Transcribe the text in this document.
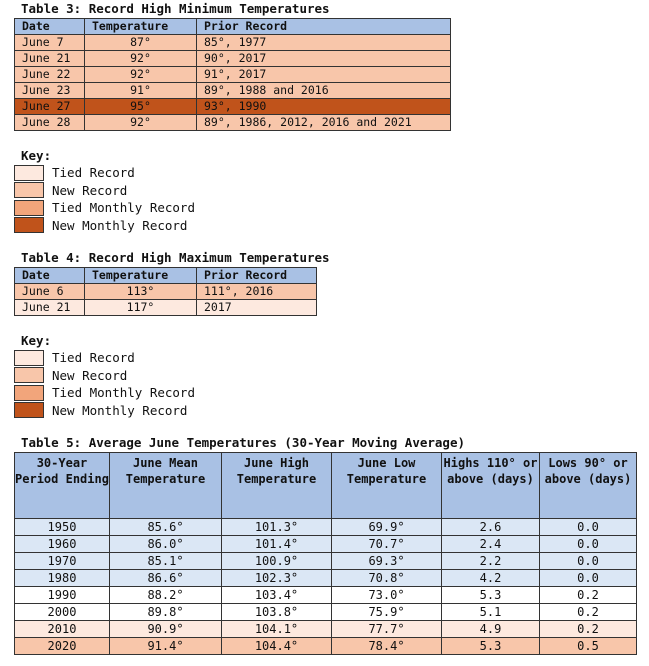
Table 3: Record High Minimum Temperatures
Date	Temperature	Prior Record
June 7	87°	85°, 1977
June 21	92°	90°, 2017
June 22	92°	91°, 2017
June 23	91°	89°, 1988 and 2016
June 27	95°	93°, 1990
June 28	92°	89°, 1986, 2012, 2016 and 2021
Key:
Tied Record
New Record
Tied Monthly Record
New Monthly Record
Table 4: Record High Maximum Temperatures
Date	Temperature	Prior Record
June 6	113°	111°, 2016
June 21	117°	2017
Key:
Tied Record
New Record
Tied Monthly Record
New Monthly Record
Table 5: Average June Temperatures (30-Year Moving Average)
30-Year Period Ending	June Mean Temperature	June High Temperature	June Low Temperature	Highs 110° or above (days)	Lows 90° or above (days)
1950	85.6°	101.3°	69.9°	2.6	0.0
1960	86.0°	101.4°	70.7°	2.4	0.0
1970	85.1°	100.9°	69.3°	2.2	0.0
1980	86.6°	102.3°	70.8°	4.2	0.0
1990	88.2°	103.4°	73.0°	5.3	0.2
2000	89.8°	103.8°	75.9°	5.1	0.2
2010	90.9°	104.1°	77.7°	4.9	0.2
2020	91.4°	104.4°	78.4°	5.3	0.5
